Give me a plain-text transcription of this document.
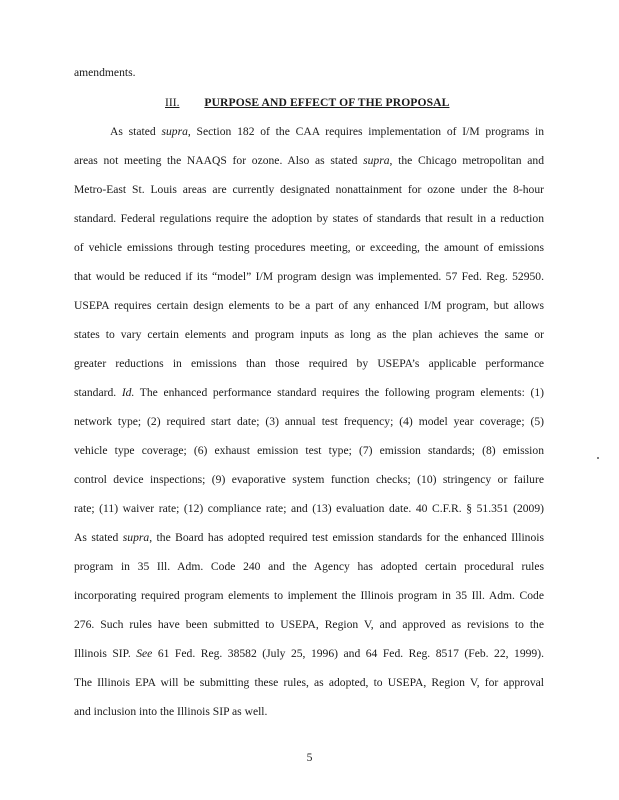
amendments.
III. PURPOSE AND EFFECT OF THE PROPOSAL
As stated supra, Section 182 of the CAA requires implementation of I/M programs in
areas not meeting the NAAQS for ozone. Also as stated supra, the Chicago metropolitan and
Metro-East St. Louis areas are currently designated nonattainment for ozone under the 8-hour
standard. Federal regulations require the adoption by states of standards that result in a reduction
of vehicle emissions through testing procedures meeting, or exceeding, the amount of emissions
that would be reduced if its “model” I/M program design was implemented. 57 Fed. Reg. 52950.
USEPA requires certain design elements to be a part of any enhanced I/M program, but allows
states to vary certain elements and program inputs as long as the plan achieves the same or
greater reductions in emissions than those required by USEPA’s applicable performance
standard. Id. The enhanced performance standard requires the following program elements: (1)
network type; (2) required start date; (3) annual test frequency; (4) model year coverage; (5)
vehicle type coverage; (6) exhaust emission test type; (7) emission standards; (8) emission
control device inspections; (9) evaporative system function checks; (10) stringency or failure
rate; (11) waiver rate; (12) compliance rate; and (13) evaluation date. 40 C.F.R. § 51.351 (2009)
As stated supra, the Board has adopted required test emission standards for the enhanced Illinois
program in 35 Ill. Adm. Code 240 and the Agency has adopted certain procedural rules
incorporating required program elements to implement the Illinois program in 35 Ill. Adm. Code
276. Such rules have been submitted to USEPA, Region V, and approved as revisions to the
Illinois SIP. See 61 Fed. Reg. 38582 (July 25, 1996) and 64 Fed. Reg. 8517 (Feb. 22, 1999).
The Illinois EPA will be submitting these rules, as adopted, to USEPA, Region V, for approval
and inclusion into the Illinois SIP as well.
5
